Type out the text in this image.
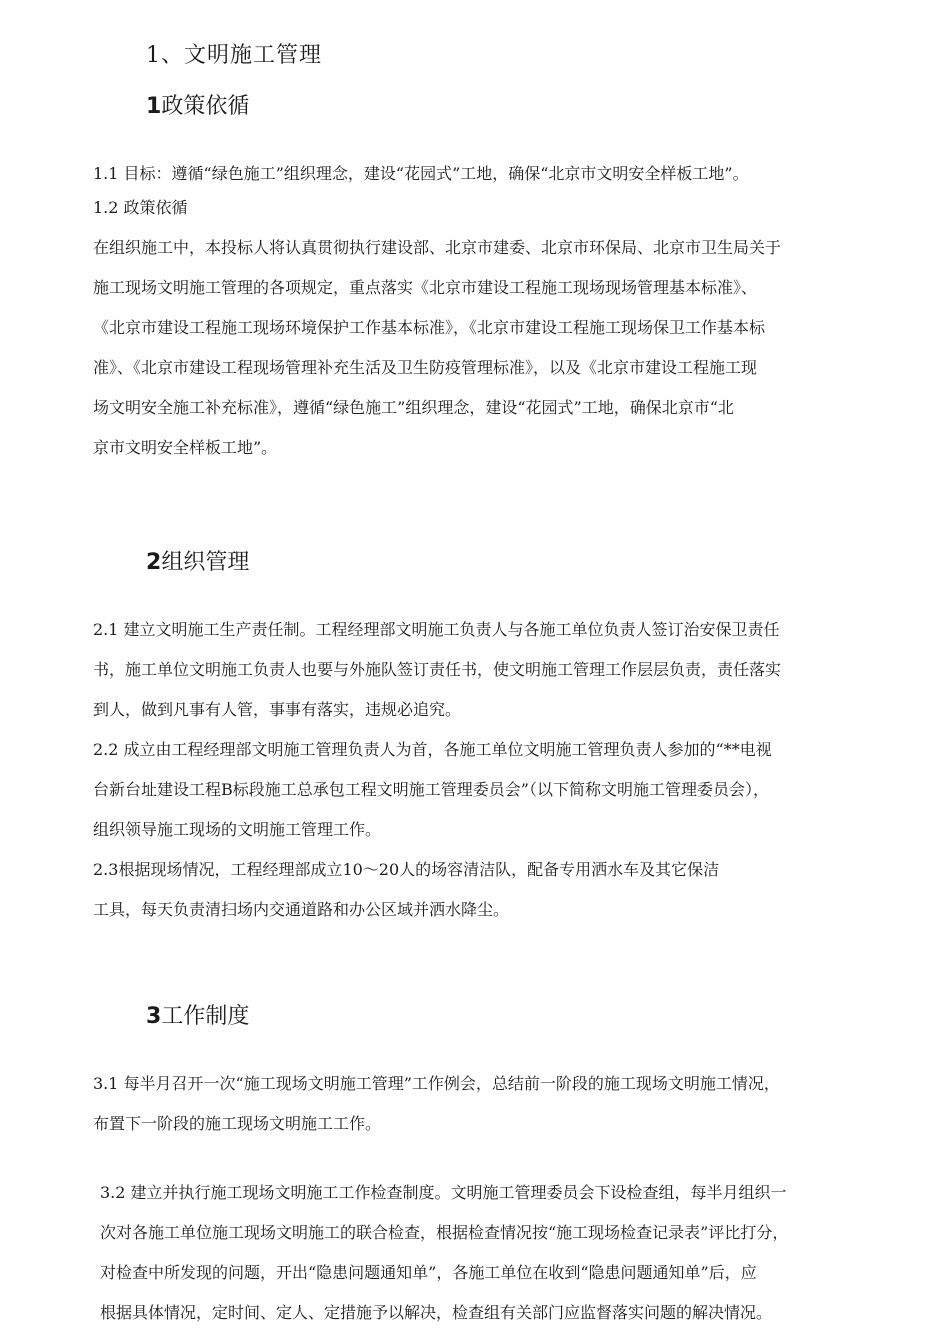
1、文明施工管理
1政策依循
1.1 目标：遵循“绿色施工”组织理念，建设“花园式”工地，确保“北京市文明安全样板工地”。
1.2 政策依循
在组织施工中，本投标人将认真贯彻执行建设部、北京市建委、北京市环保局、北京市卫生局关于
施工现场文明施工管理的各项规定，重点落实《北京市建设工程施工现场现场管理基本标准》、
《北京市建设工程施工现场环境保护工作基本标准》，《北京市建设工程施工现场保卫工作基本标
准》、《北京市建设工程现场管理补充生活及卫生防疫管理标准》，以及《北京市建设工程施工现
场文明安全施工补充标准》，遵循“绿色施工”组织理念，建设“花园式”工地，确保北京市“北
京市文明安全样板工地”。
2组织管理
2.1 建立文明施工生产责任制。工程经理部文明施工负责人与各施工单位负责人签订治安保卫责任
书，施工单位文明施工负责人也要与外施队签订责任书，使文明施工管理工作层层负责，责任落实
到人，做到凡事有人管，事事有落实，违规必追究。
2.2 成立由工程经理部文明施工管理负责人为首，各施工单位文明施工管理负责人参加的“**电视
台新台址建设工程B标段施工总承包工程文明施工管理委员会”（以下简称文明施工管理委员会），
组织领导施工现场的文明施工管理工作。
2.3根据现场情况，工程经理部成立10～20人的场容清洁队，配备专用洒水车及其它保洁
工具，每天负责清扫场内交通道路和办公区域并洒水降尘。
3工作制度
3.1 每半月召开一次“施工现场文明施工管理”工作例会，总结前一阶段的施工现场文明施工情况，
布置下一阶段的施工现场文明施工工作。
3.2 建立并执行施工现场文明施工工作检查制度。文明施工管理委员会下设检查组，每半月组织一
次对各施工单位施工现场文明施工的联合检查，根据检查情况按“施工现场检查记录表”评比打分，
对检查中所发现的问题，开出“隐患问题通知单”，各施工单位在收到“隐患问题通知单”后，应
根据具体情况，定时间、定人、定措施予以解决，检查组有关部门应监督落实问题的解决情况。
